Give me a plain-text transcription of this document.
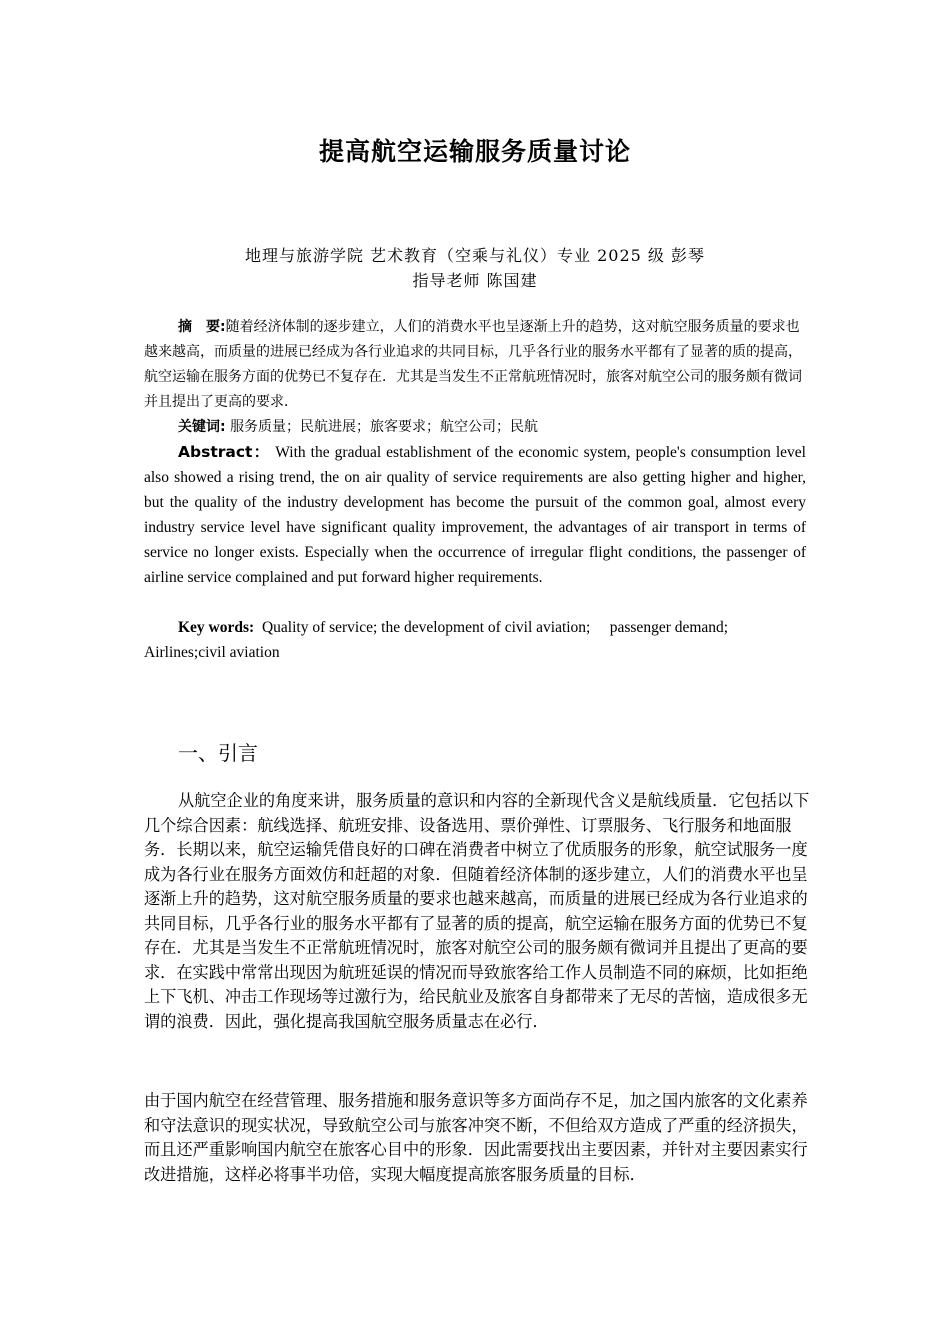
提高航空运输服务质量讨论
地理与旅游学院 艺术教育（空乘与礼仪）专业 2025 级 彭琴
指导老师 陈国建
摘　要:随着经济体制的逐步建立，人们的消费水平也呈逐渐上升的趋势，这对航空服务质量的要求也越来越高，而质量的进展已经成为各行业追求的共同目标，几乎各行业的服务水平都有了显著的质的提高，航空运输在服务方面的优势已不复存在．尤其是当发生不正常航班情况时，旅客对航空公司的服务颇有微词并且提出了更高的要求．
关键词: 服务质量；民航进展；旅客要求；航空公司；民航
Abstract： With the gradual establishment of the economic system, people's consumption level also showed a rising trend, the on air quality of service requirements are also getting higher and higher, but the quality of the industry development has become the pursuit of the common goal, almost every industry service level have significant quality improvement, the advantages of air transport in terms of service no longer exists. Especially when the occurrence of irregular flight conditions, the passenger of airline service complained and put forward higher requirements.
Key words: Quality of service; the development of civil aviation;　 passenger demand; Airlines;civil aviation
一、引言
从航空企业的角度来讲，服务质量的意识和内容的全新现代含义是航线质量．它包括以下几个综合因素：航线选择、航班安排、设备选用、票价弹性、订票服务、飞行服务和地面服务．长期以来，航空运输凭借良好的口碑在消费者中树立了优质服务的形象，航空试服务一度成为各行业在服务方面效仿和赶超的对象．但随着经济体制的逐步建立，人们的消费水平也呈逐渐上升的趋势，这对航空服务质量的要求也越来越高，而质量的进展已经成为各行业追求的共同目标，几乎各行业的服务水平都有了显著的质的提高，航空运输在服务方面的优势已不复存在．尤其是当发生不正常航班情况时，旅客对航空公司的服务颇有微词并且提出了更高的要求．在实践中常常出现因为航班延误的情况而导致旅客给工作人员制造不同的麻烦，比如拒绝上下飞机、冲击工作现场等过激行为，给民航业及旅客自身都带来了无尽的苦恼，造成很多无谓的浪费．因此，强化提高我国航空服务质量志在必行．
由于国内航空在经营管理、服务措施和服务意识等多方面尚存不足，加之国内旅客的文化素养和守法意识的现实状况，导致航空公司与旅客冲突不断，不但给双方造成了严重的经济损失，而且还严重影响国内航空在旅客心目中的形象．因此需要找出主要因素，并针对主要因素实行改进措施，这样必将事半功倍，实现大幅度提高旅客服务质量的目标．
